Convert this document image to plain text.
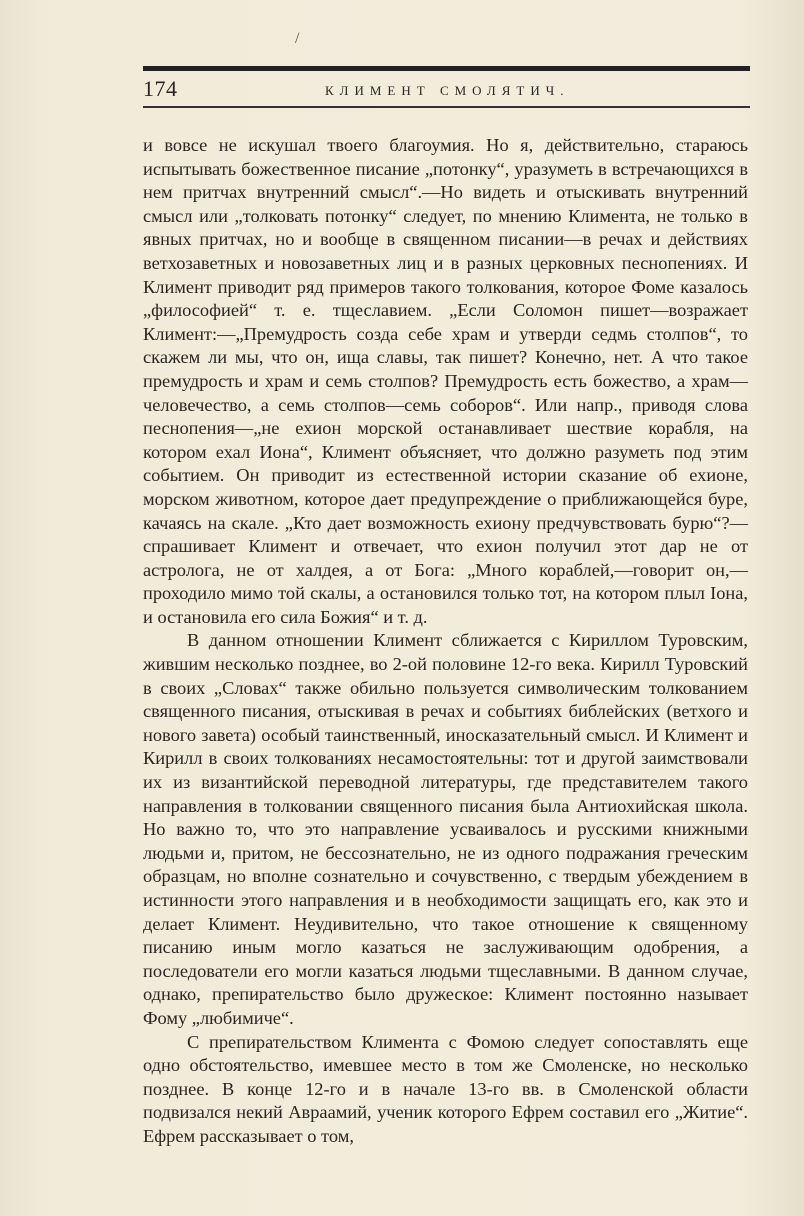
/
174	КЛИМЕНТ СМОЛЯТИЧ.

и вовсе не искушал твоего благоумия. Но я, действительно, стараюсь испытывать божественное писание „потонку“, уразуметь в встречающихся в нем притчах внутренний смысл“.—Но видеть и отыскивать внутренний смысл или „толковать потонку“ следует, по мнению Климента, не только в явных притчах, но и вообще в священном писании—в речах и действиях ветхозаветных и новозаветных лиц и в разных церковных песнопениях. И Климент приводит ряд примеров такого толкования, которое Фоме казалось „философией“ т. е. тщеславием. „Если Соломон пишет—возражает Климент:—„Премудрость созда себе храм и утверди седмь столпов“, то скажем ли мы, что он, ища славы, так пишет? Конечно, нет. А что такое премудрость и храм и семь столпов? Премудрость есть божество, а храм—человечество, а семь столпов—семь соборов“. Или напр., приводя слова песнопения—„не ехион морской останавливает шествие корабля, на котором ехал Иона“, Климент объясняет, что должно разуметь под этим событием. Он приводит из естественной истории сказание об ехионе, морском животном, которое дает предупреждение о приближающейся буре, качаясь на скале. „Кто дает возможность ехиону предчувствовать бурю“?—спрашивает Климент и отвечает, что ехион получил этот дар не от астролога, не от халдея, а от Бога: „Много кораблей,—говорит он,—проходило мимо той скалы, а остановился только тот, на котором плыл Іона, и остановила его сила Божия“ и т. д.

В данном отношении Климент сближается с Кириллом Туровским, жившим несколько позднее, во 2-ой половине 12-го века. Кирилл Туровский в своих „Словах“ также обильно пользуется символическим толкованием священного писания, отыскивая в речах и событиях библейских (ветхого и нового завета) особый таинственный, иносказательный смысл. И Климент и Кирилл в своих толкованиях несамостоятельны: тот и другой заимствовали их из византийской переводной литературы, где представителем такого направления в толковании священного писания была Антиохийская школа. Но важно то, что это направление усваивалось и русскими книжными людьми и, притом, не бессознательно, не из одного подражания греческим образцам, но вполне сознательно и сочувственно, с твердым убеждением в истинности этого направления и в необходимости защищать его, как это и делает Климент. Неудивительно, что такое отношение к священному писанию иным могло казаться не заслуживающим одобрения, а последователи его могли казаться людьми тщеславными. В данном случае, однако, препирательство было дружеское: Климент постоянно называет Фому „любимиче“.

С препирательством Климента с Фомою следует сопоставлять еще одно обстоятельство, имевшее место в том же Смоленске, но несколько позднее. В конце 12-го и в начале 13-го вв. в Смоленской области подвизался некий Авраамий, ученик которого Ефрем составил его „Житие“. Ефрем рассказывает о том,
